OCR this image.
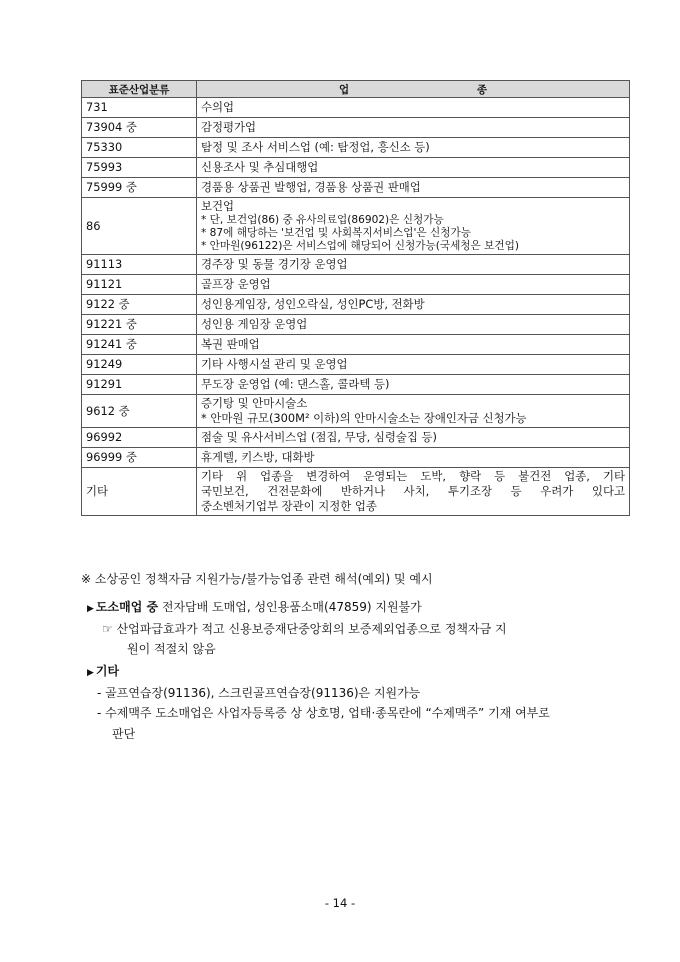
표준산업분류	업 종
731	수의업

73904 중	감정평가업

75330	탐정 및 조사 서비스업 (예: 탐정업, 흥신소 등)

75993	신용조사 및 추심대행업

75999 중	경품용 상품권 발행업, 경품용 상품권 판매업

86	보건업
* 단, 보건업(86) 중 유사의료업(86902)은 신청가능
* 87에 해당하는 '보건업 및 사회복지서비스업'은 신청가능
* 안마원(96122)은 서비스업에 해당되어 신청가능(국세청은 보건업)

91113	경주장 및 동물 경기장 운영업

91121	골프장 운영업

9122 중	성인용게임장, 성인오락실, 성인PC방, 전화방

91221 중	성인용 게임장 운영업

91241 중	복권 판매업

91249	기타 사행시설 관리 및 운영업

91291	무도장 운영업 (예: 댄스홀, 콜라텍 등)

9612 중	증기탕 및 안마시술소
* 안마원 규모(300M² 이하)의 안마시술소는 장애인자금 신청가능

96992	점술 및 유사서비스업 (점집, 무당, 심령술집 등)

96999 중	휴게텔, 키스방, 대화방

기타	기타 위 업종을 변경하여 운영되는 도박, 향락 등 불건전 업종, 기타
국민보건, 건전문화에 반하거나 사치, 투기조장 등 우려가 있다고
중소벤처기업부 장관이 지정한 업종
※ 소상공인 정책자금 지원가능/불가능업종 관련 해석(예외) 및 예시
▶ 도소매업 중 전자담배 도매업, 성인용품소매(47859) 지원불가
☞ 산업파급효과가 적고 신용보증재단중앙회의 보증제외업종으로 정책자금 지
원이 적절치 않음
▶ 기타
- 골프연습장(91136), 스크린골프연습장(91136)은 지원가능
- 수제맥주 도소매업은 사업자등록증 상 상호명, 업태·종목란에 “수제맥주” 기재 여부로
판단
- 14 -
